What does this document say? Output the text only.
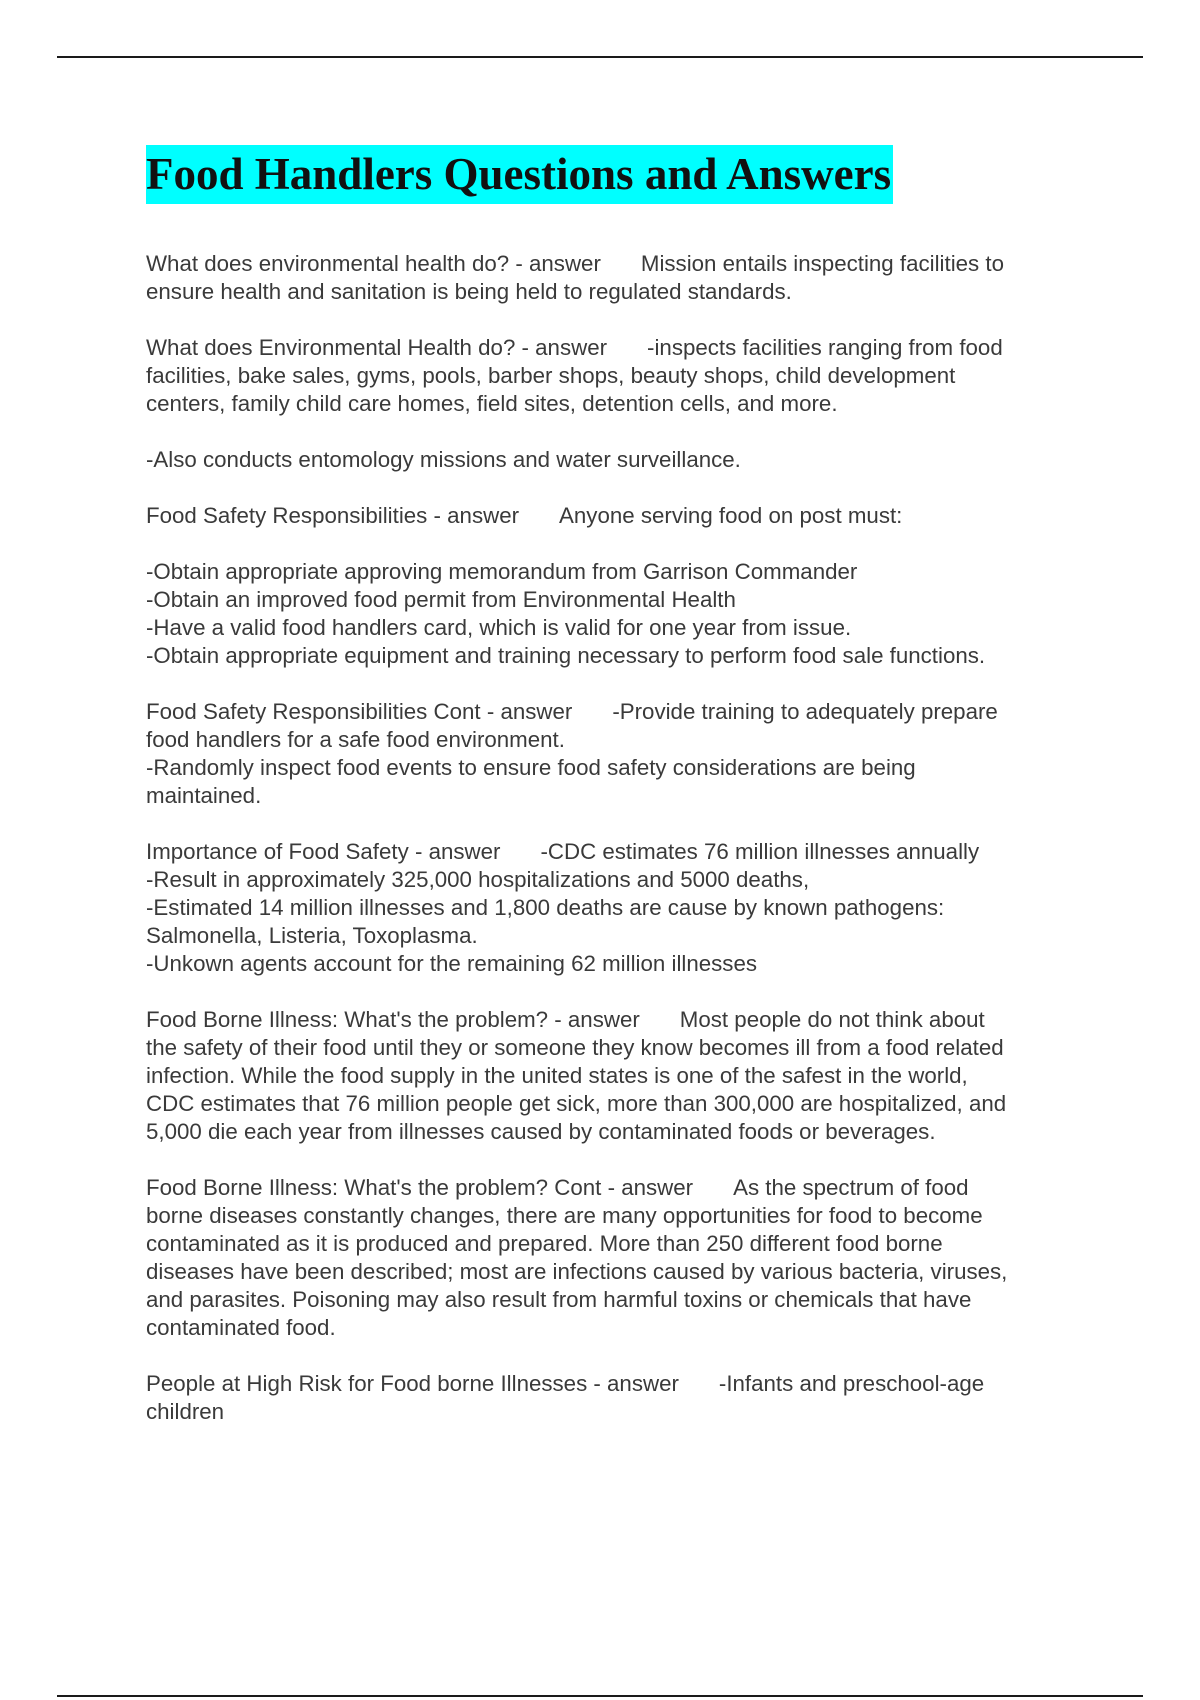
Food Handlers Questions and Answers
What does environmental health do? - answer Mission entails inspecting facilities to
ensure health and sanitation is being held to regulated standards.
What does Environmental Health do? - answer -inspects facilities ranging from food
facilities, bake sales, gyms, pools, barber shops, beauty shops, child development
centers, family child care homes, field sites, detention cells, and more.

-Also conducts entomology missions and water surveillance.
Food Safety Responsibilities - answer Anyone serving food on post must:

-Obtain appropriate approving memorandum from Garrison Commander
-Obtain an improved food permit from Environmental Health
-Have a valid food handlers card, which is valid for one year from issue.
-Obtain appropriate equipment and training necessary to perform food sale functions.
Food Safety Responsibilities Cont - answer -Provide training to adequately prepare
food handlers for a safe food environment.
-Randomly inspect food events to ensure food safety considerations are being
maintained.
Importance of Food Safety - answer -CDC estimates 76 million illnesses annually
-Result in approximately 325,000 hospitalizations and 5000 deaths,
-Estimated 14 million illnesses and 1,800 deaths are cause by known pathogens:
Salmonella, Listeria, Toxoplasma.
-Unkown agents account for the remaining 62 million illnesses
Food Borne Illness: What's the problem? - answer Most people do not think about
the safety of their food until they or someone they know becomes ill from a food related
infection. While the food supply in the united states is one of the safest in the world,
CDC estimates that 76 million people get sick, more than 300,000 are hospitalized, and
5,000 die each year from illnesses caused by contaminated foods or beverages.
Food Borne Illness: What's the problem? Cont - answer As the spectrum of food
borne diseases constantly changes, there are many opportunities for food to become
contaminated as it is produced and prepared. More than 250 different food borne
diseases have been described; most are infections caused by various bacteria, viruses,
and parasites. Poisoning may also result from harmful toxins or chemicals that have
contaminated food.
People at High Risk for Food borne Illnesses - answer -Infants and preschool-age
children
